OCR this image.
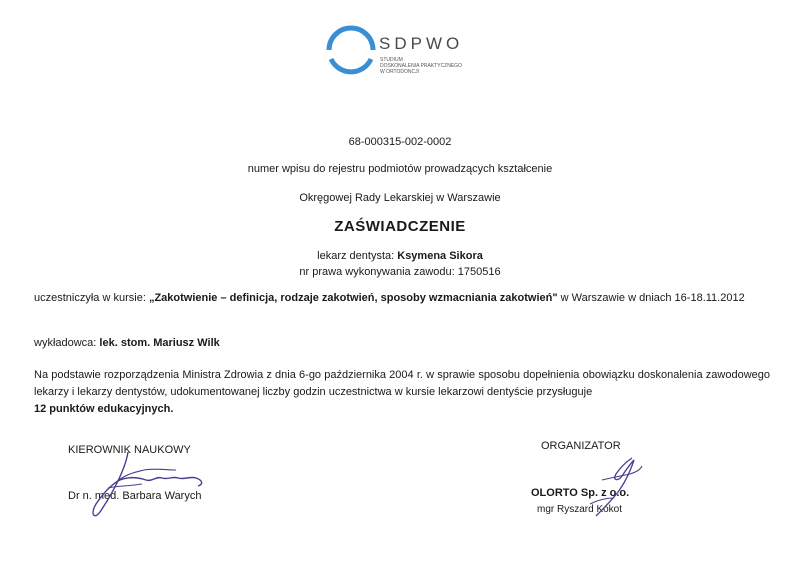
SDPWO
STUDIUM
DOSKONALENIA PRAKTYCZNEGO
W ORTODONCJI
68-000315-002-0002
numer wpisu do rejestru podmiotów prowadzących kształcenie
Okręgowej Rady Lekarskiej w Warszawie
ZAŚWIADCZENIE
lekarz dentysta: Ksymena Sikora
nr prawa wykonywania zawodu: 1750516
uczestniczyła w kursie: „Zakotwienie – definicja, rodzaje zakotwień, sposoby wzmacniania zakotwień" w Warszawie w dniach 16-18.11.2012
wykładowca: lek. stom. Mariusz Wilk
Na podstawie rozporządzenia Ministra Zdrowia z dnia 6-go października 2004 r. w sprawie sposobu dopełnienia obowiązku doskonalenia zawodowego lekarzy i lekarzy dentystów, udokumentowanej liczby godzin uczestnictwa w kursie lekarzowi dentyście przysługuje
12 punktów edukacyjnych.
KIEROWNIK NAUKOWY
Dr n. med. Barbara Warych
ORGANIZATOR
OLORTO Sp. z o.o.
mgr Ryszard Kokot
